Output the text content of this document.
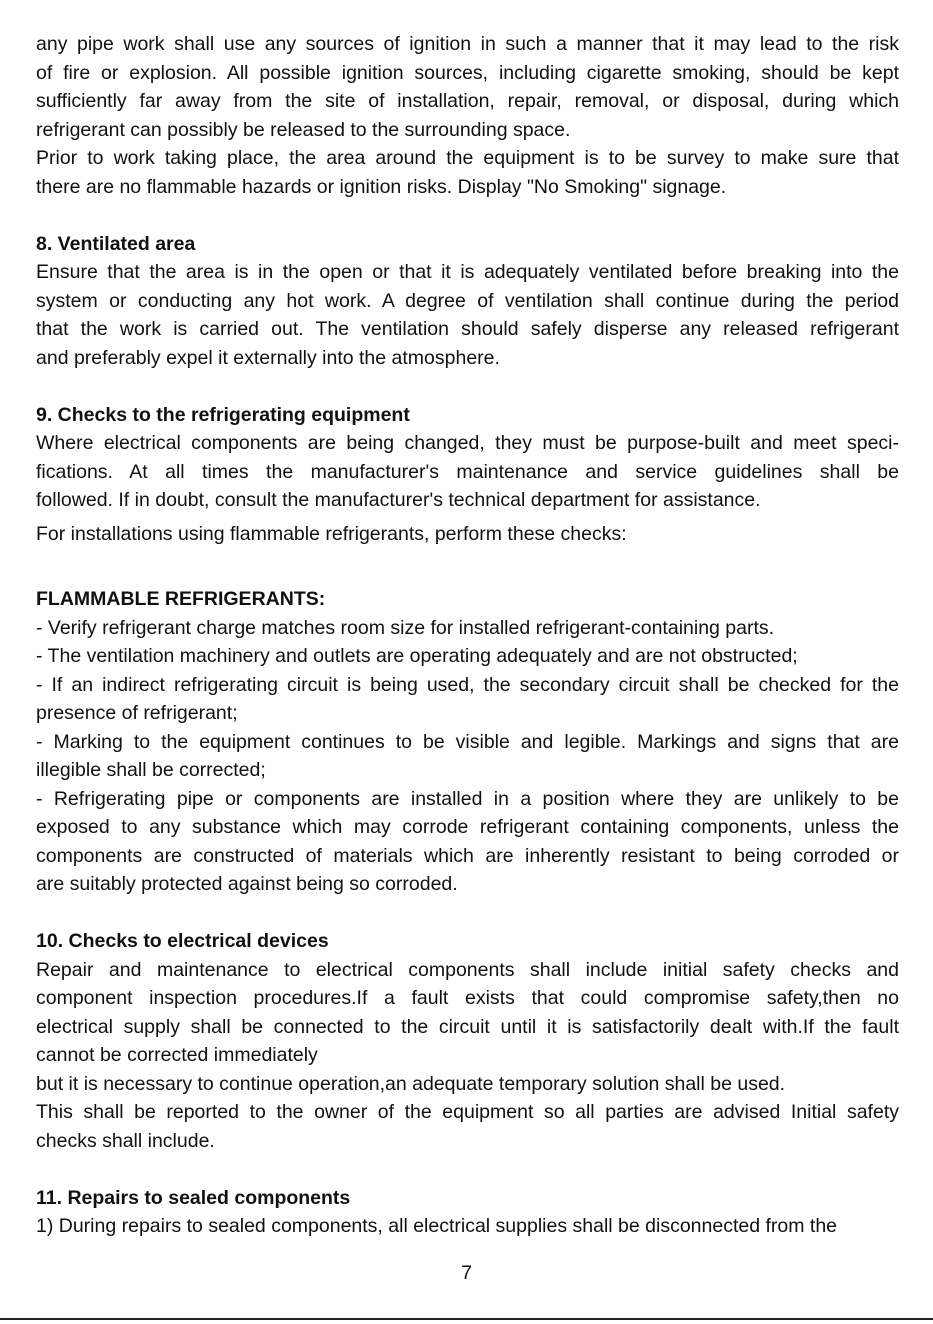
any pipe work shall use any sources of ignition in such a manner that it may lead to the risk

of fire or explosion. All possible ignition sources, including cigarette smoking, should be kept

sufficiently far away from the site of installation, repair, removal, or disposal, during which

refrigerant can possibly be released to the surrounding space.

Prior to work taking place, the area around the equipment is to be survey to make sure that

there are no flammable hazards or ignition risks. Display "No Smoking" signage.

8. Ventilated area

Ensure that the area is in the open or that it is adequately ventilated before breaking into the

system or conducting any hot work. A degree of ventilation shall continue during the period

that the work is carried out. The ventilation should safely disperse any released refrigerant

and preferably expel it externally into the atmosphere.

9. Checks to the refrigerating equipment

Where electrical components are being changed, they must be purpose-built and meet speci-

fications. At all times the manufacturer's maintenance and service guidelines shall be

followed. If in doubt, consult the manufacturer's technical department for assistance.

For installations using flammable refrigerants, perform these checks:

FLAMMABLE REFRIGERANTS:

- Verify refrigerant charge matches room size for installed refrigerant-containing parts.

- The ventilation machinery and outlets are operating adequately and are not obstructed;

- If an indirect refrigerating circuit is being used, the secondary circuit shall be checked for the

presence of refrigerant;

- Marking to the equipment continues to be visible and legible. Markings and signs that are

illegible shall be corrected;

- Refrigerating pipe or components are installed in a position where they are unlikely to be

exposed to any substance which may corrode refrigerant containing components, unless the

components are constructed of materials which are inherently resistant to being corroded or

are suitably protected against being so corroded.

10. Checks to electrical devices

Repair and maintenance to electrical components shall include initial safety checks and

component inspection procedures.If a fault exists that could compromise safety,then no

electrical supply shall be connected to the circuit until it is satisfactorily dealt with.If the fault

cannot be corrected immediately

but it is necessary to continue operation,an adequate temporary solution shall be used.

This shall be reported to the owner of the equipment so all parties are advised Initial safety

checks shall include.

11. Repairs to sealed components

1) During repairs to sealed components, all electrical supplies shall be disconnected from the

7
